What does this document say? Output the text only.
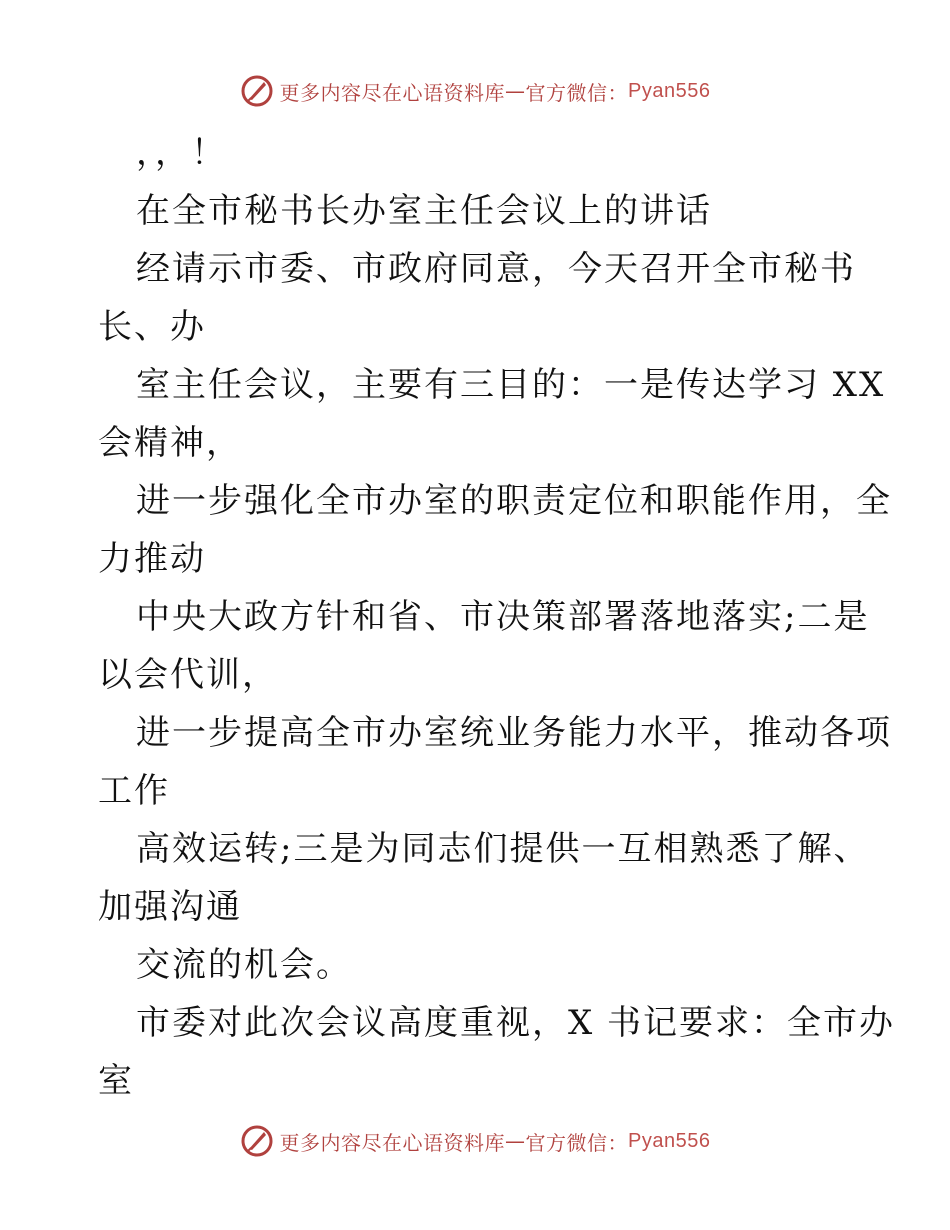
更多内容尽在心语资料库 — 官方微信： Pyan556
，，！
在全市秘书长办室主任会议上的讲话
经请示市委、市政府同意，今天召开全市秘书
长、办
室主任会议，主要有三目的：一是传达学习 XX
会精神，
进一步强化全市办室的职责定位和职能作用，全
力推动
中央大政方针和省、市决策部署落地落实;二是
以会代训，
进一步提高全市办室统业务能力水平，推动各项
工作
高效运转;三是为同志们提供一互相熟悉了解、
加强沟通
交流的机会。
市委对此次会议高度重视，X 书记要求：全市办
室
更多内容尽在心语资料库 — 官方微信： Pyan556
